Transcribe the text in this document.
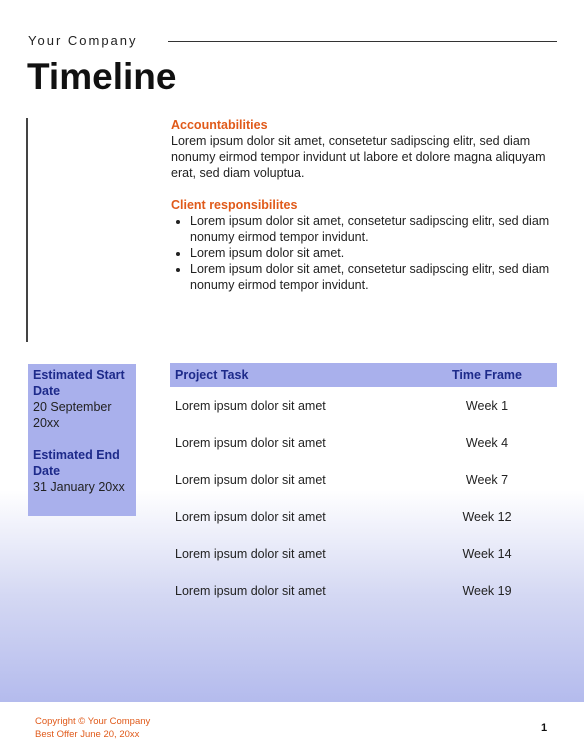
Your Company
Timeline
Accountabilities

Lorem ipsum dolor sit amet, consetetur sadipscing elitr, sed diam nonumy eirmod tempor invidunt ut labore et dolore magna aliquyam erat, sed diam voluptua.

Client responsibilites
• Lorem ipsum dolor sit amet, consetetur sadipscing elitr, sed diam nonumy eirmod tempor invidunt.
• Lorem ipsum dolor sit amet.
• Lorem ipsum dolor sit amet, consetetur sadipscing elitr, sed diam nonumy eirmod tempor invidunt.
Estimated Start Date
20 September 20xx
Estimated End Date
31 January 20xx
Project Task	Time Frame
Lorem ipsum dolor sit amet	Week 1
Lorem ipsum dolor sit amet	Week 4
Lorem ipsum dolor sit amet	Week 7
Lorem ipsum dolor sit amet	Week 12
Lorem ipsum dolor sit amet	Week 14
Lorem ipsum dolor sit amet	Week 19
Copyright © Your Company
Best Offer June 20, 20xx
1
